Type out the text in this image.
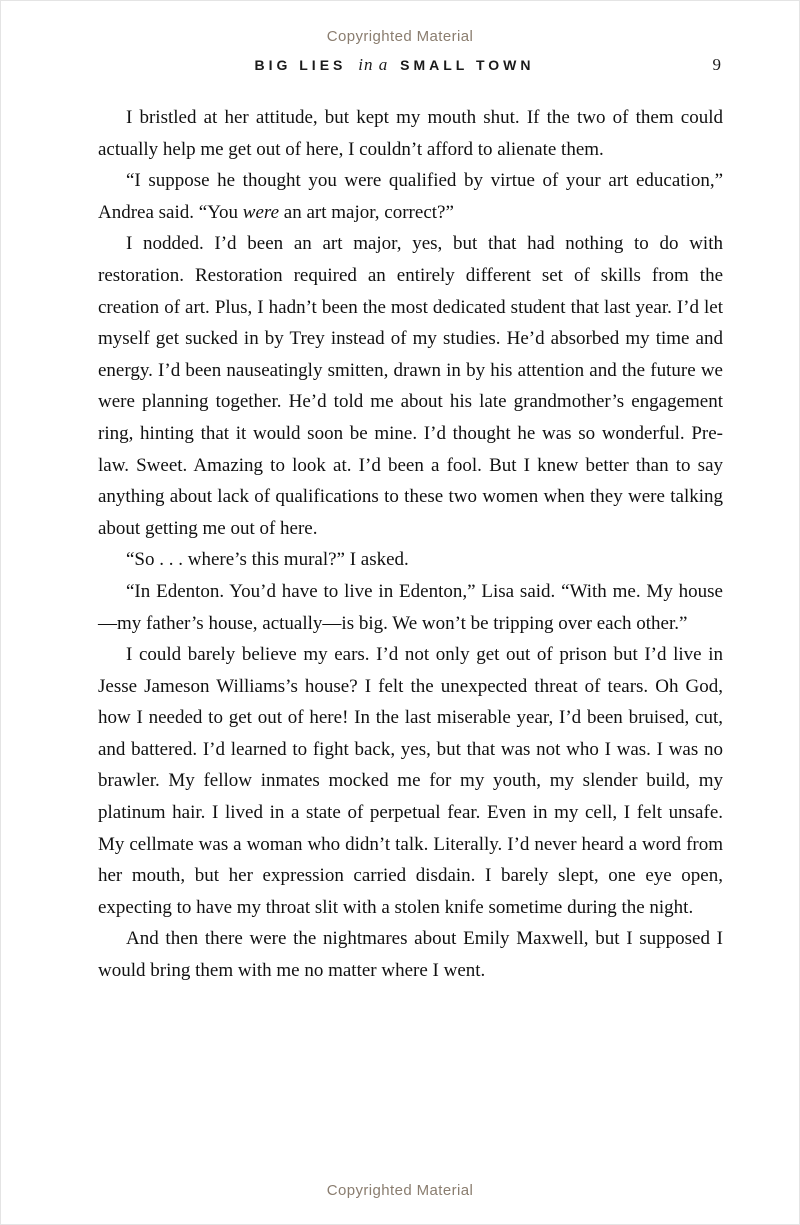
Copyrighted Material
BIG LIES in a SMALL TOWN	9

I bristled at her attitude, but kept my mouth shut. If the two of them could actually help me get out of here, I couldn’t afford to alienate them.

“I suppose he thought you were qualified by virtue of your art education,” Andrea said. “You were an art major, correct?”

I nodded. I’d been an art major, yes, but that had nothing to do with restoration. Restoration required an entirely different set of skills from the creation of art. Plus, I hadn’t been the most dedicated student that last year. I’d let myself get sucked in by Trey instead of my studies. He’d absorbed my time and energy. I’d been nauseatingly smitten, drawn in by his attention and the future we were planning together. He’d told me about his late grandmother’s engagement ring, hinting that it would soon be mine. I’d thought he was so wonderful. Pre-law. Sweet. Amazing to look at. I’d been a fool. But I knew better than to say anything about lack of qualifications to these two women when they were talking about getting me out of here.

“So . . . where’s this mural?” I asked.

“In Edenton. You’d have to live in Edenton,” Lisa said. “With me. My house—my father’s house, actually—is big. We won’t be tripping over each other.”

I could barely believe my ears. I’d not only get out of prison but I’d live in Jesse Jameson Williams’s house? I felt the unexpected threat of tears. Oh God, how I needed to get out of here! In the last miserable year, I’d been bruised, cut, and battered. I’d learned to fight back, yes, but that was not who I was. I was no brawler. My fellow inmates mocked me for my youth, my slender build, my platinum hair. I lived in a state of perpetual fear. Even in my cell, I felt unsafe. My cellmate was a woman who didn’t talk. Literally. I’d never heard a word from her mouth, but her expression carried disdain. I barely slept, one eye open, expecting to have my throat slit with a stolen knife sometime during the night.

And then there were the nightmares about Emily Maxwell, but I supposed I would bring them with me no matter where I went.

Copyrighted Material
